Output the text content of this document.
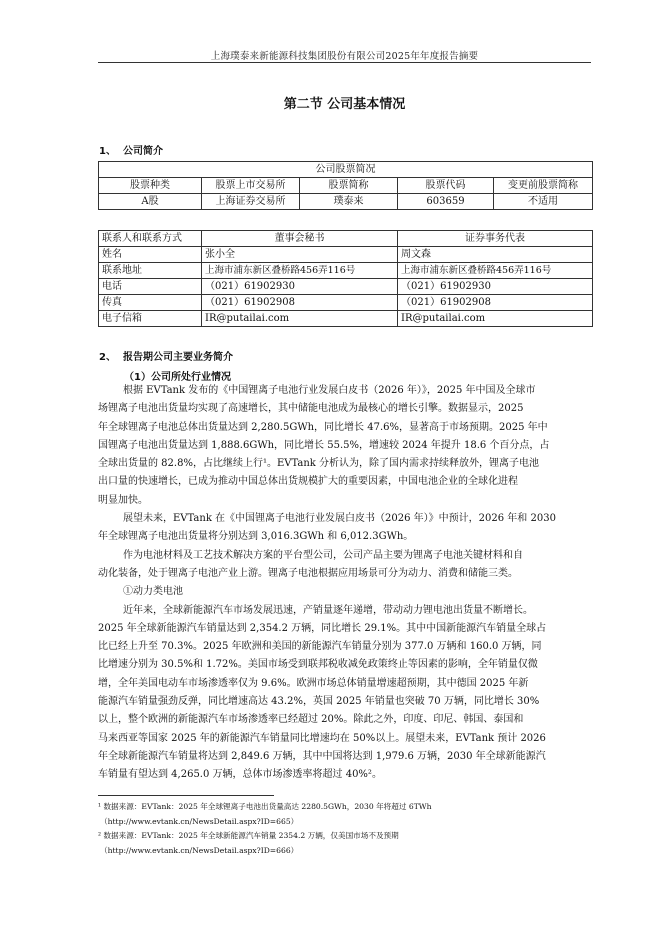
上海璞泰来新能源科技集团股份有限公司2025年年度报告摘要
第二节 公司基本情况
1、 公司简介
公司股票简况				
股票种类	股票上市交易所	股票简称	股票代码	变更前股票简称
A股	上海证券交易所	璞泰来	603659	不适用
联系人和联系方式	董事会秘书	证券事务代表
姓名	张小全	周文森
联系地址	上海市浦东新区叠桥路456弄116号	上海市浦东新区叠桥路456弄116号
电话	（021）61902930	（021）61902930
传真	（021）61902908	（021）61902908
电子信箱	IR@putailai.com	IR@putailai.com
2、 报告期公司主要业务简介
（1）公司所处行业情况
根据 EVTank 发布的《中国锂离子电池行业发展白皮书（2026 年）》，2025 年中国及全球市
场锂离子电池出货量均实现了高速增长，其中储能电池成为最核心的增长引擎。数据显示，2025
年全球锂离子电池总体出货量达到 2,280.5GWh，同比增长 47.6%，显著高于市场预期。2025 年中
国锂离子电池出货量达到 1,888.6GWh，同比增长 55.5%，增速较 2024 年提升 18.6 个百分点，占
全球出货量的 82.8%，占比继续上行¹。EVTank 分析认为，除了国内需求持续释放外，锂离子电池
出口量的快速增长，已成为推动中国总体出货规模扩大的重要因素，中国电池企业的全球化进程
明显加快。
展望未来，EVTank 在《中国锂离子电池行业发展白皮书（2026 年）》中预计，2026 年和 2030
年全球锂离子电池出货量将分别达到 3,016.3GWh 和 6,012.3GWh。
作为电池材料及工艺技术解决方案的平台型公司，公司产品主要为锂离子电池关键材料和自
动化装备，处于锂离子电池产业上游。锂离子电池根据应用场景可分为动力、消费和储能三类。
①动力类电池
近年来，全球新能源汽车市场发展迅速，产销量逐年递增，带动动力锂电池出货量不断增长。
2025 年全球新能源汽车销量达到 2,354.2 万辆，同比增长 29.1%。其中中国新能源汽车销量全球占
比已经上升至 70.3%。2025 年欧洲和美国的新能源汽车销量分别为 377.0 万辆和 160.0 万辆，同
比增速分别为 30.5%和 1.72%。美国市场受到联邦税收减免政策终止等因素的影响，全年销量仅微
增，全年美国电动车市场渗透率仅为 9.6%。欧洲市场总体销量增速超预期，其中德国 2025 年新
能源汽车销量强劲反弹，同比增速高达 43.2%，英国 2025 年销量也突破 70 万辆，同比增长 30%
以上，整个欧洲的新能源汽车市场渗透率已经超过 20%。除此之外，印度、印尼、韩国、泰国和
马来西亚等国家 2025 年的新能源汽车销量同比增速均在 50%以上。展望未来，EVTank 预计 2026
年全球新能源汽车销量将达到 2,849.6 万辆，其中中国将达到 1,979.6 万辆，2030 年全球新能源汽
车销量有望达到 4,265.0 万辆，总体市场渗透率将超过 40%²。
¹ 数据来源：EVTank：2025 年全球锂离子电池出货量高达 2280.5GWh，2030 年将超过 6TWh
（http://www.evtank.cn/NewsDetail.aspx?ID=665）
² 数据来源：EVTank：2025 年全球新能源汽车销量 2354.2 万辆，仅美国市场不及预期
（http://www.evtank.cn/NewsDetail.aspx?ID=666）
